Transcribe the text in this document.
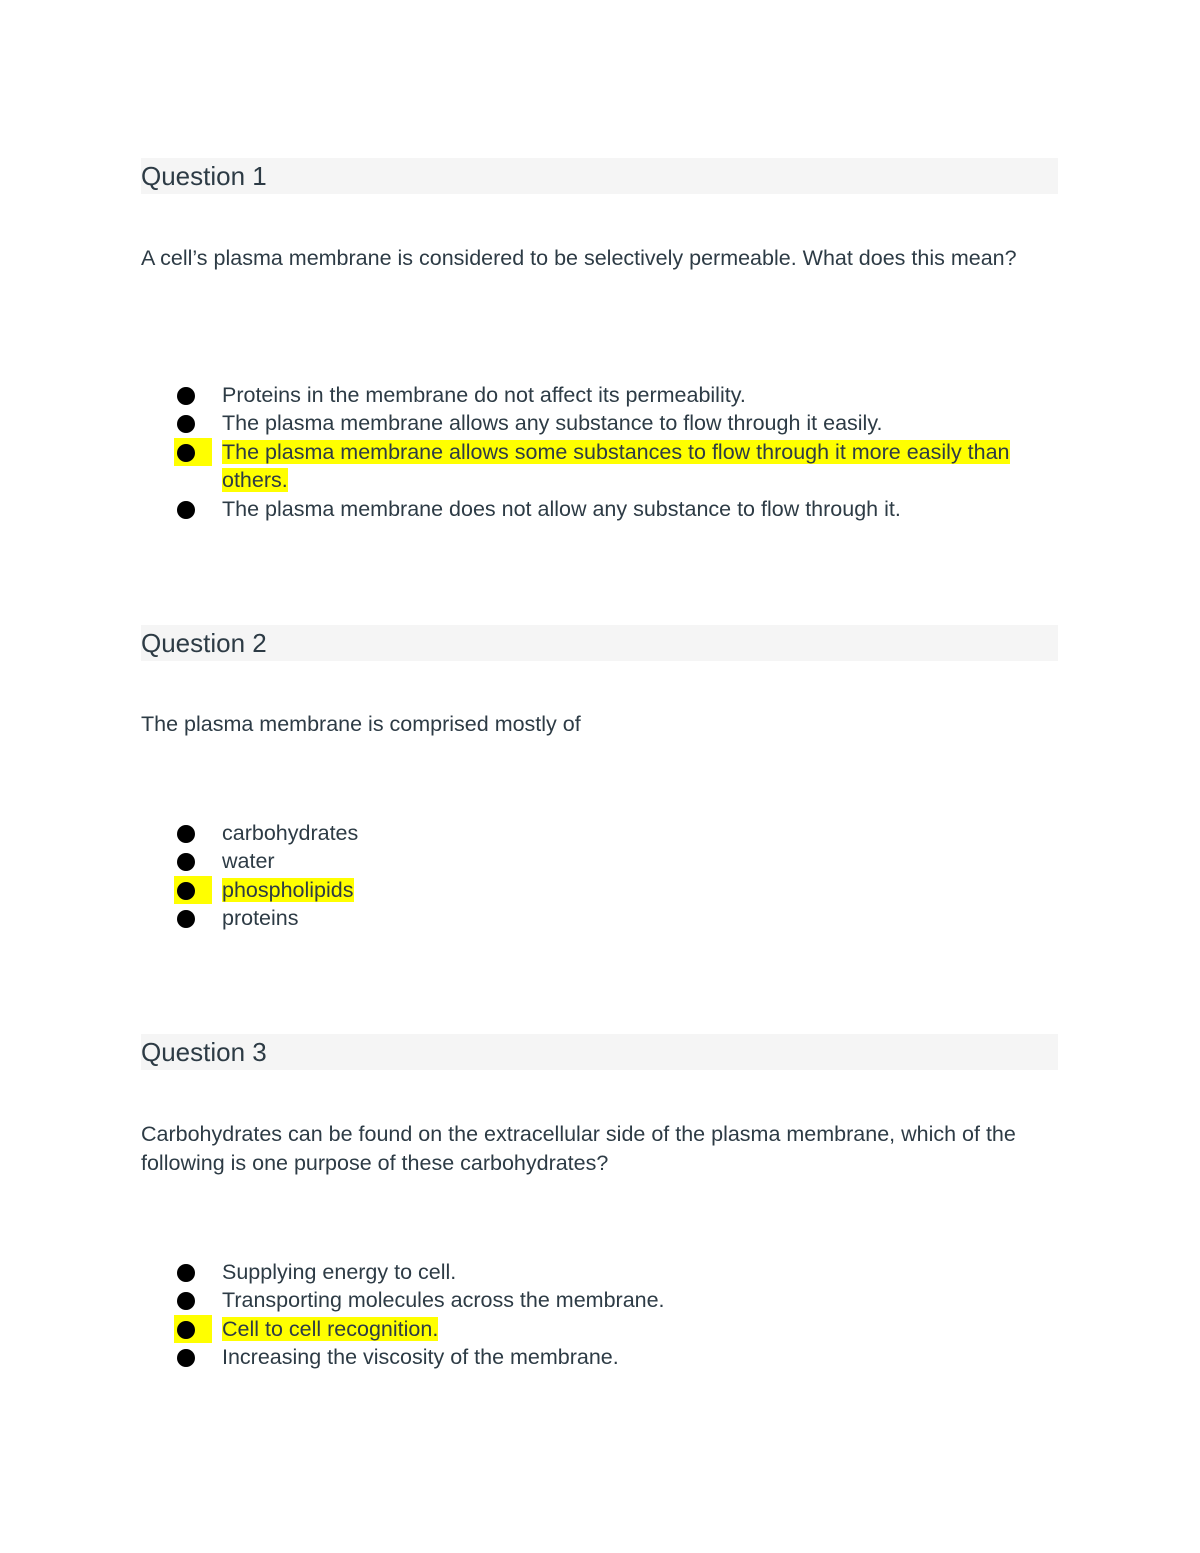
Question 1
A cell’s plasma membrane is considered to be selectively permeable. What does this mean?
Proteins in the membrane do not affect its permeability.
The plasma membrane allows any substance to flow through it easily.
The plasma membrane allows some substances to flow through it more easily than others.
The plasma membrane does not allow any substance to flow through it.
Question 2
The plasma membrane is comprised mostly of
carbohydrates
water
phospholipids
proteins
Question 3
Carbohydrates can be found on the extracellular side of the plasma membrane, which of the following is one purpose of these carbohydrates?
Supplying energy to cell.
Transporting molecules across the membrane.
Cell to cell recognition.
Increasing the viscosity of the membrane.
